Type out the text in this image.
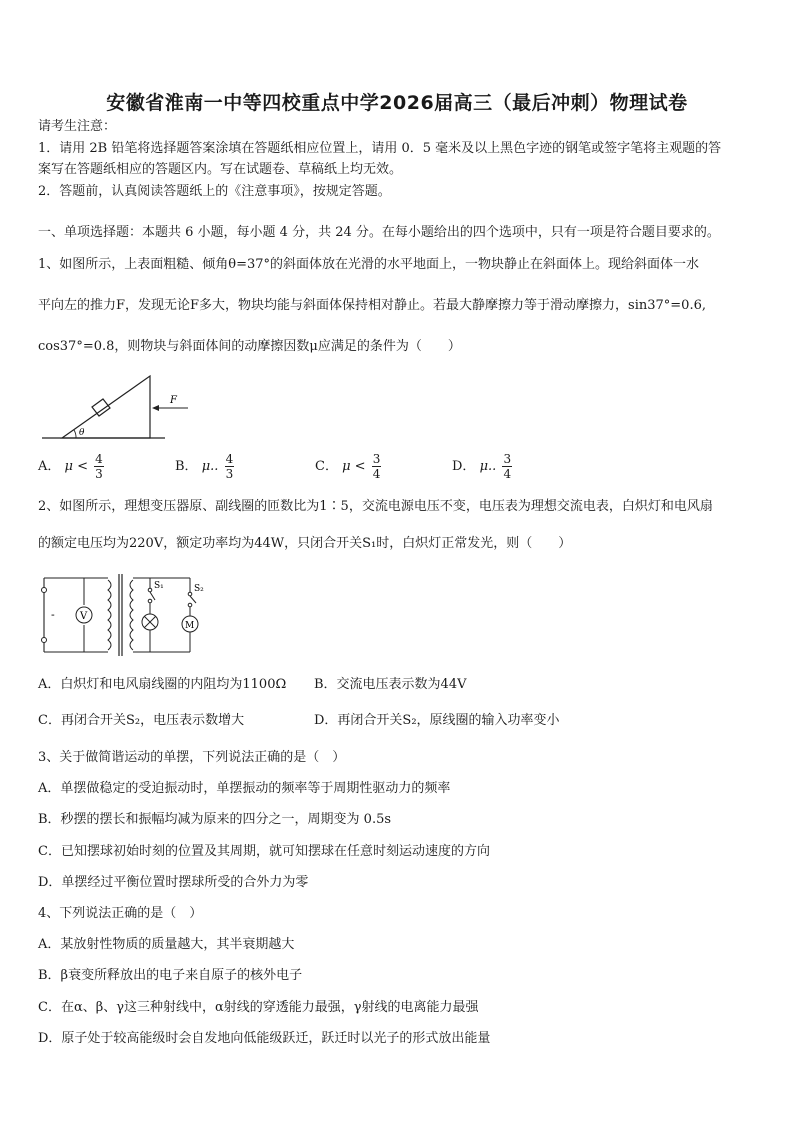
安徽省淮南一中等四校重点中学2026届高三（最后冲刺）物理试卷
请考生注意：
1．请用 2B 铅笔将选择题答案涂填在答题纸相应位置上，请用 0．5 毫米及以上黑色字迹的钢笔或签字笔将主观题的答
案写在答题纸相应的答题区内。写在试题卷、草稿纸上均无效。
2．答题前，认真阅读答题纸上的《注意事项》，按规定答题。
一、单项选择题：本题共 6 小题，每小题 4 分，共 24 分。在每小题给出的四个选项中，只有一项是符合题目要求的。
1、如图所示，上表面粗糙、倾角θ=37°的斜面体放在光滑的水平地面上，一物块静止在斜面体上。现给斜面体一水
平向左的推力F，发现无论F多大，物块均能与斜面体保持相对静止。若最大静摩擦力等于滑动摩擦力，sin37°=0.6,
cos37°=0.8，则物块与斜面体间的动摩擦因数μ应满足的条件为（　　）
θ
F
A． $\mu < \frac{4}{3}$	B． μ.. $\frac{4}{3}$	C． $\mu < \frac{3}{4}$	D． μ.. $\frac{3}{4}$
2、如图所示，理想变压器原、副线圈的匝数比为1∶5，交流电源电压不变，电压表为理想交流电表，白炽灯和电风扇
的额定电压均为220V，额定功率均为44W，只闭合开关S₁时，白炽灯正常发光，则（　　）
-	V
S₁	S₂
M
A．白炽灯和电风扇线圈的内阻均为1100Ω B．交流电压表示数为44V
C．再闭合开关S₂，电压表示数增大	D．再闭合开关S₂，原线圈的输入功率变小
3、关于做简谐运动的单摆，下列说法正确的是（　）
A．单摆做稳定的受迫振动时，单摆振动的频率等于周期性驱动力的频率
B．秒摆的摆长和振幅均减为原来的四分之一，周期变为 0.5s
C．已知摆球初始时刻的位置及其周期，就可知摆球在任意时刻运动速度的方向
D．单摆经过平衡位置时摆球所受的合外力为零
4、下列说法正确的是（　）
A．某放射性物质的质量越大，其半衰期越大
B．β衰变所释放出的电子来自原子的核外电子
C．在α、β、γ这三种射线中，α射线的穿透能力最强，γ射线的电离能力最强
D．原子处于较高能级时会自发地向低能级跃迁，跃迁时以光子的形式放出能量
